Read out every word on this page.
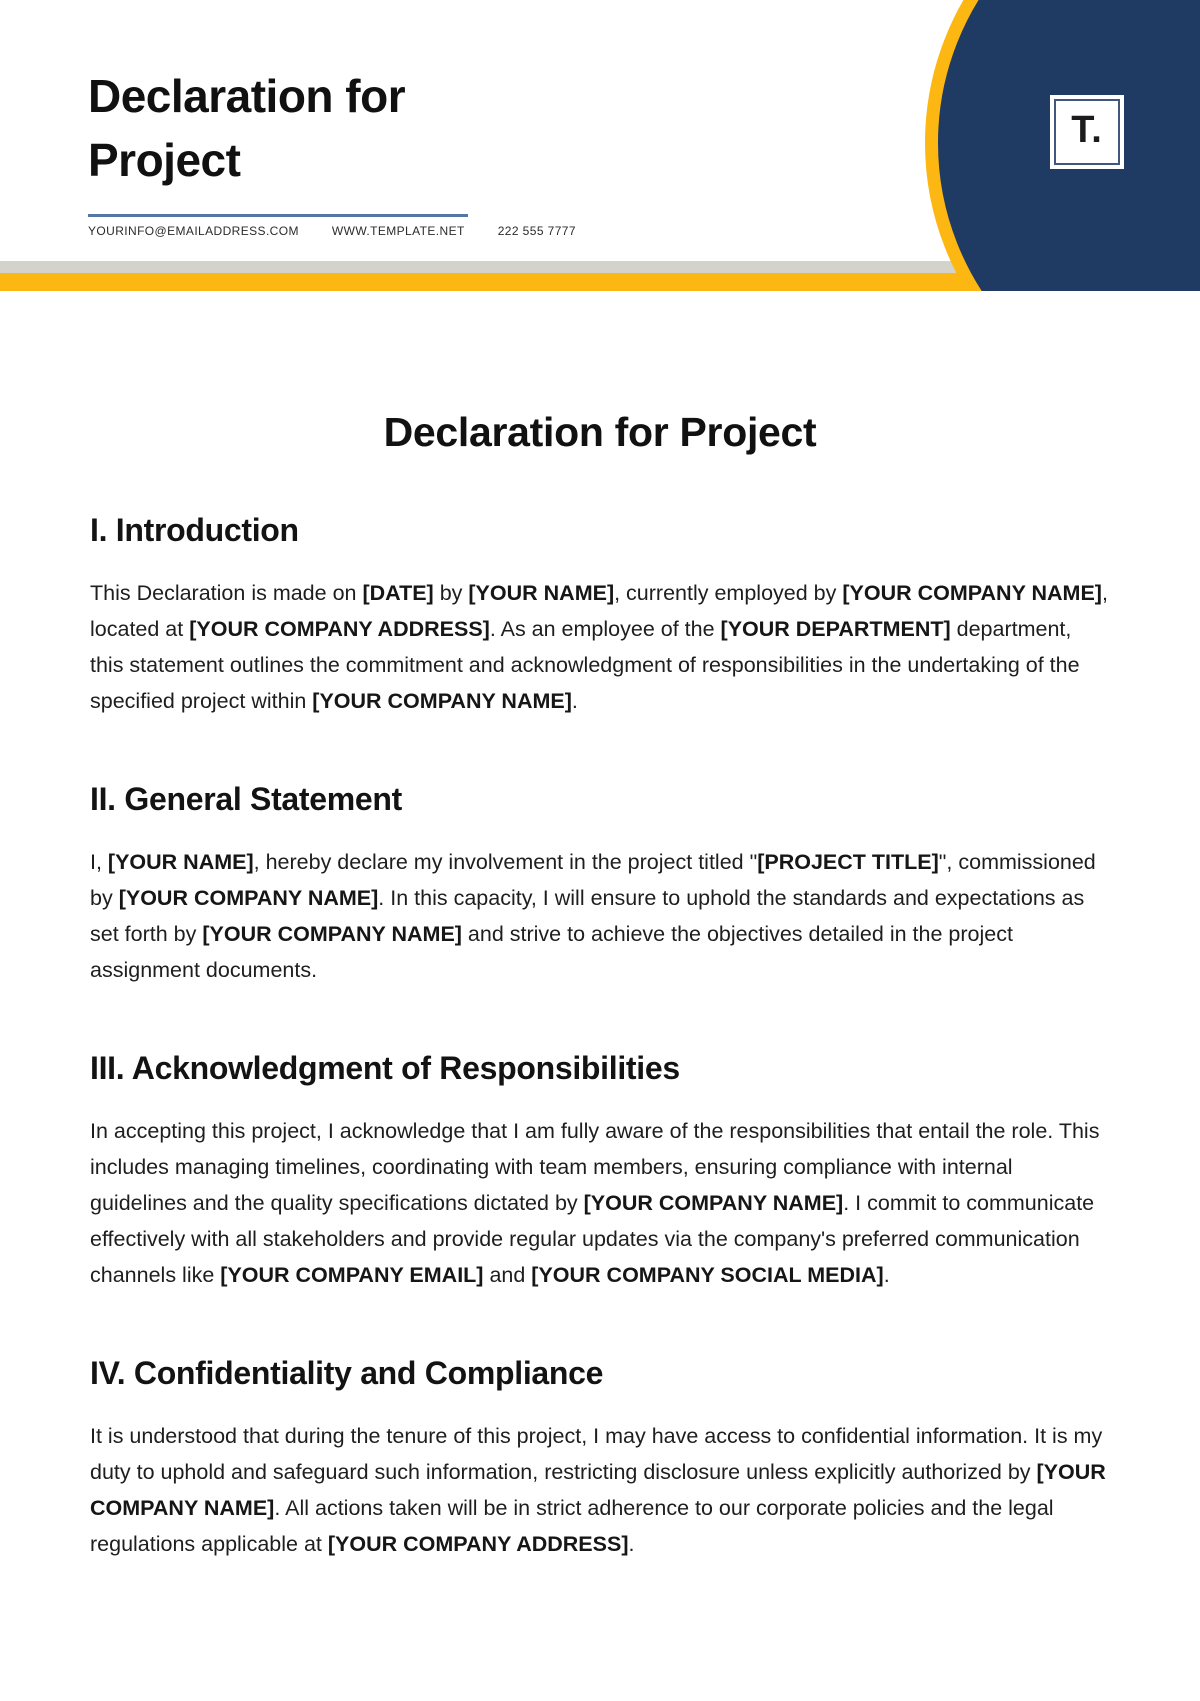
Declaration for
Project
YOURINFO@EMAILADDRESS.COM	WWW.TEMPLATE.NET	222 555 7777
T.
Declaration for Project
I. Introduction

This Declaration is made on [DATE] by [YOUR NAME], currently employed by [YOUR COMPANY NAME], located at [YOUR COMPANY ADDRESS]. As an employee of the [YOUR DEPARTMENT] department, this statement outlines the commitment and acknowledgment of responsibilities in the undertaking of the specified project within [YOUR COMPANY NAME].

II. General Statement

I, [YOUR NAME], hereby declare my involvement in the project titled "[PROJECT TITLE]", commissioned by [YOUR COMPANY NAME]. In this capacity, I will ensure to uphold the standards and expectations as set forth by [YOUR COMPANY NAME] and strive to achieve the objectives detailed in the project assignment documents.

III. Acknowledgment of Responsibilities

In accepting this project, I acknowledge that I am fully aware of the responsibilities that entail the role. This includes managing timelines, coordinating with team members, ensuring compliance with internal guidelines and the quality specifications dictated by [YOUR COMPANY NAME]. I commit to communicate effectively with all stakeholders and provide regular updates via the company's preferred communication channels like [YOUR COMPANY EMAIL] and [YOUR COMPANY SOCIAL MEDIA].

IV. Confidentiality and Compliance

It is understood that during the tenure of this project, I may have access to confidential information. It is my duty to uphold and safeguard such information, restricting disclosure unless explicitly authorized by [YOUR COMPANY NAME]. All actions taken will be in strict adherence to our corporate policies and the legal regulations applicable at [YOUR COMPANY ADDRESS].
